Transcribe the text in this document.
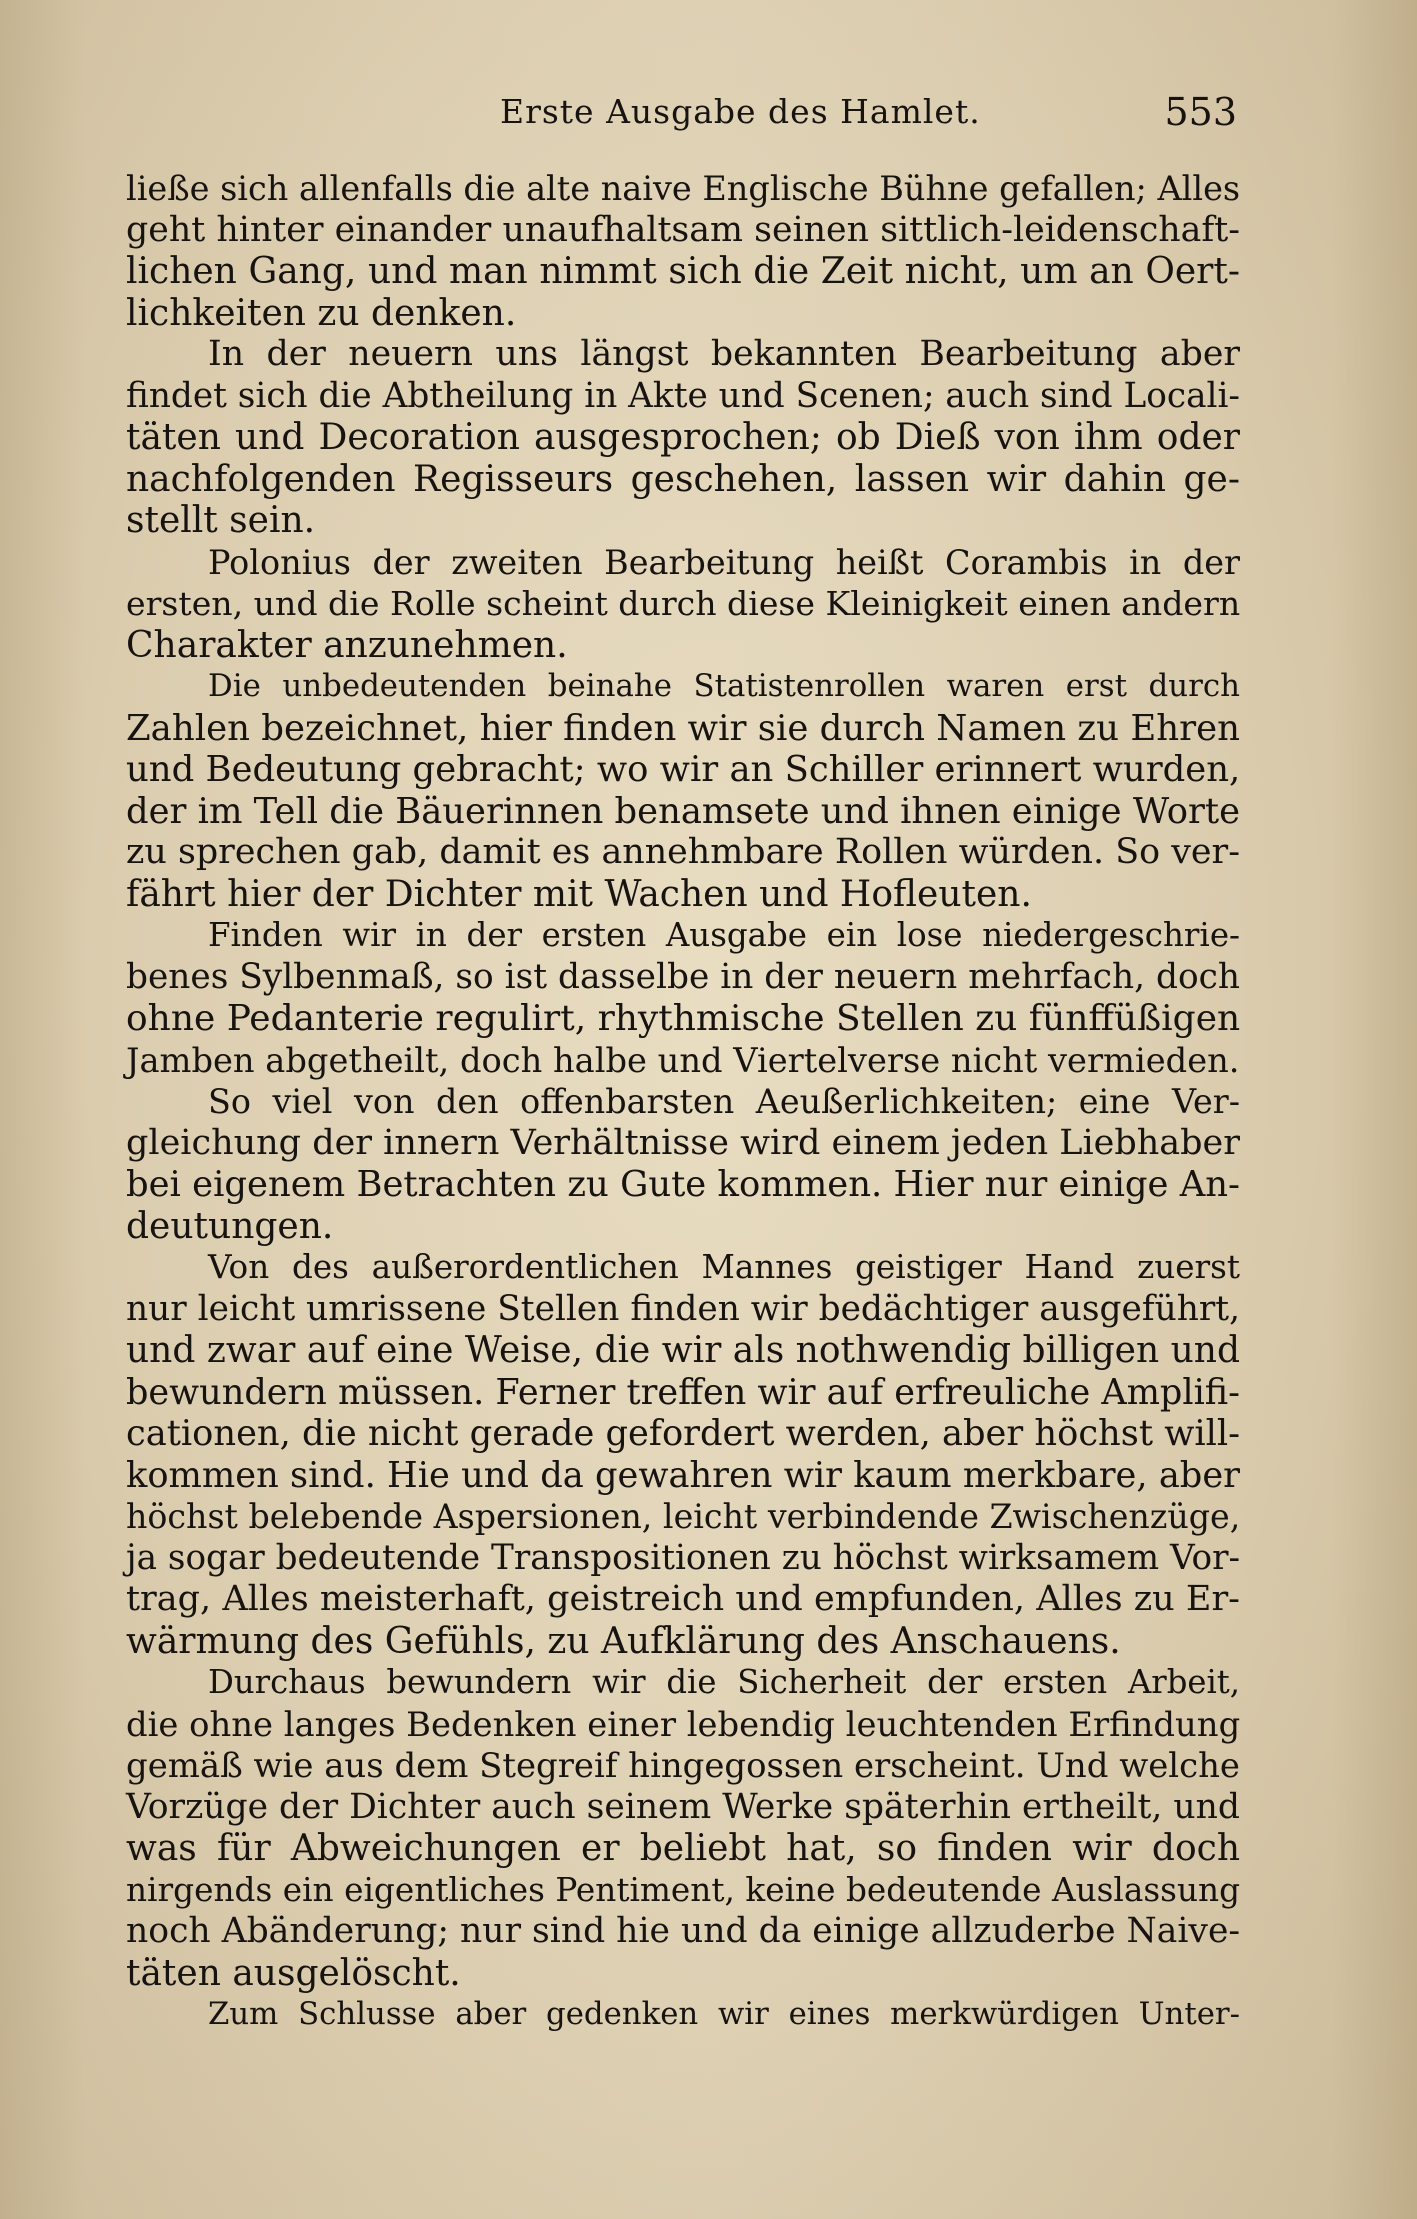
Erste Ausgabe des Hamlet.	553
ließe sich allenfalls die alte naive Englische Bühne gefallen; Alles
geht hinter einander unaufhaltsam seinen sittlich-leidenschaft-
lichen Gang, und man nimmt sich die Zeit nicht, um an Oert-
lichkeiten zu denken.
In der neuern uns längst bekannten Bearbeitung aber
findet sich die Abtheilung in Akte und Scenen; auch sind Locali-
täten und Decoration ausgesprochen; ob Dieß von ihm oder
nachfolgenden Regisseurs geschehen, lassen wir dahin ge-
stellt sein.
Polonius der zweiten Bearbeitung heißt Corambis in der
ersten, und die Rolle scheint durch diese Kleinigkeit einen andern
Charakter anzunehmen.
Die unbedeutenden beinahe Statistenrollen waren erst durch
Zahlen bezeichnet, hier finden wir sie durch Namen zu Ehren
und Bedeutung gebracht; wo wir an Schiller erinnert wurden,
der im Tell die Bäuerinnen benamsete und ihnen einige Worte
zu sprechen gab, damit es annehmbare Rollen würden. So ver-
fährt hier der Dichter mit Wachen und Hofleuten.
Finden wir in der ersten Ausgabe ein lose niedergeschrie-
benes Sylbenmaß, so ist dasselbe in der neuern mehrfach, doch
ohne Pedanterie regulirt, rhythmische Stellen zu fünffüßigen
Jamben abgetheilt, doch halbe und Viertelverse nicht vermieden.
So viel von den offenbarsten Aeußerlichkeiten; eine Ver-
gleichung der innern Verhältnisse wird einem jeden Liebhaber
bei eigenem Betrachten zu Gute kommen. Hier nur einige An-
deutungen.
Von des außerordentlichen Mannes geistiger Hand zuerst
nur leicht umrissene Stellen finden wir bedächtiger ausgeführt,
und zwar auf eine Weise, die wir als nothwendig billigen und
bewundern müssen. Ferner treffen wir auf erfreuliche Amplifi-
cationen, die nicht gerade gefordert werden, aber höchst will-
kommen sind. Hie und da gewahren wir kaum merkbare, aber
höchst belebende Aspersionen, leicht verbindende Zwischenzüge,
ja sogar bedeutende Transpositionen zu höchst wirksamem Vor-
trag, Alles meisterhaft, geistreich und empfunden, Alles zu Er-
wärmung des Gefühls, zu Aufklärung des Anschauens.
Durchaus bewundern wir die Sicherheit der ersten Arbeit,
die ohne langes Bedenken einer lebendig leuchtenden Erfindung
gemäß wie aus dem Stegreif hingegossen erscheint. Und welche
Vorzüge der Dichter auch seinem Werke späterhin ertheilt, und
was für Abweichungen er beliebt hat, so finden wir doch
nirgends ein eigentliches Pentiment, keine bedeutende Auslassung
noch Abänderung; nur sind hie und da einige allzuderbe Naive-
täten ausgelöscht.
Zum Schlusse aber gedenken wir eines merkwürdigen Unter-
